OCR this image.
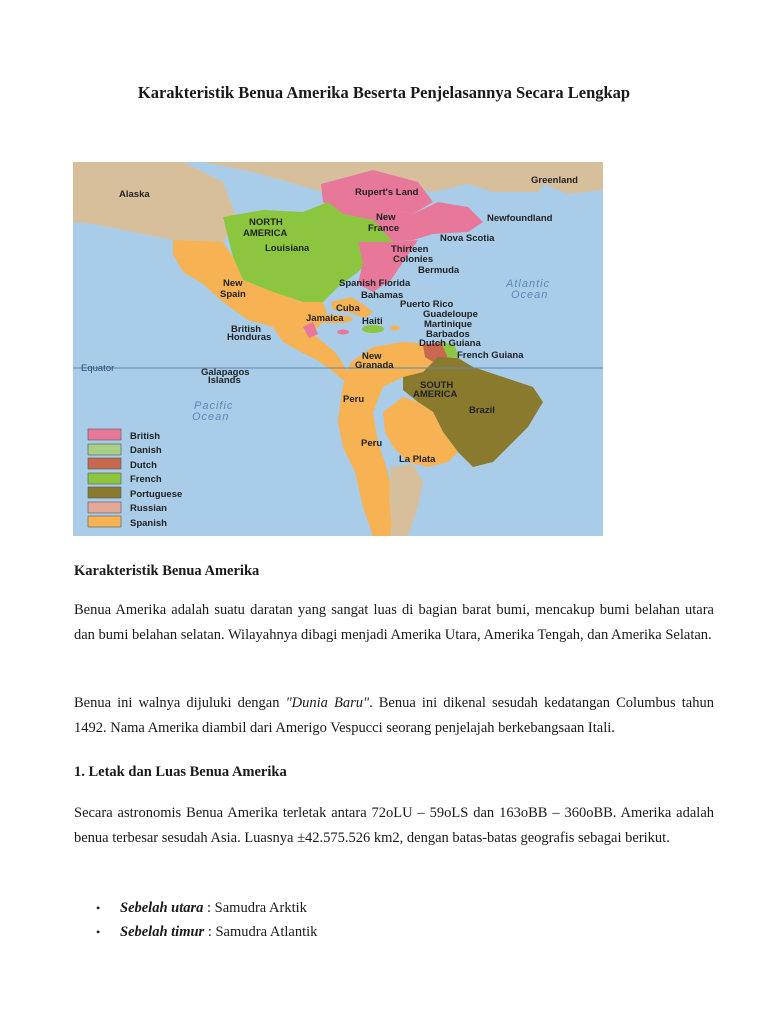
Karakteristik Benua Amerika Beserta Penjelasannya Secara Lengkap
Alaska	Rupert's Land
Greenland
NORTH
AMERICA
New
France
Newfoundland
Nova Scotia
Louisiana	Thirteen
Colonies
Bermuda
Spanish Florida
Bahamas
New
Spain
Cuba	Puerto Rico
Guadeloupe
Martinique
Barbados
Jamaica Haiti
British
Honduras
Dutch Guiana
French Guiana
New
Granada
Equator	Galapagos
Islands	SOUTH
AMERICA
Peru
Brazil
Peru
La Plata
Atlantic
Ocean
Pacific
Ocean
British
Danish
Dutch
French
Portuguese
Russian
Spanish
Karakteristik Benua Amerika
Benua Amerika adalah suatu daratan yang sangat luas di bagian barat bumi, mencakup bumi belahan utara dan bumi belahan selatan. Wilayahnya dibagi menjadi Amerika Utara, Amerika Tengah, dan Amerika Selatan.
Benua ini walnya dijuluki dengan "Dunia Baru". Benua ini dikenal sesudah kedatangan Columbus tahun 1492. Nama Amerika diambil dari Amerigo Vespucci seorang penjelajah berkebangsaan Itali.
1. Letak dan Luas Benua Amerika
Secara astronomis Benua Amerika terletak antara 72oLU – 59oLS dan 163oBB – 360oBB. Amerika adalah benua terbesar sesudah Asia. Luasnya ±42.575.526 km2, dengan batas-batas geografis sebagai berikut.
•	Sebelah utara : Samudra Arktik
•	Sebelah timur : Samudra Atlantik
